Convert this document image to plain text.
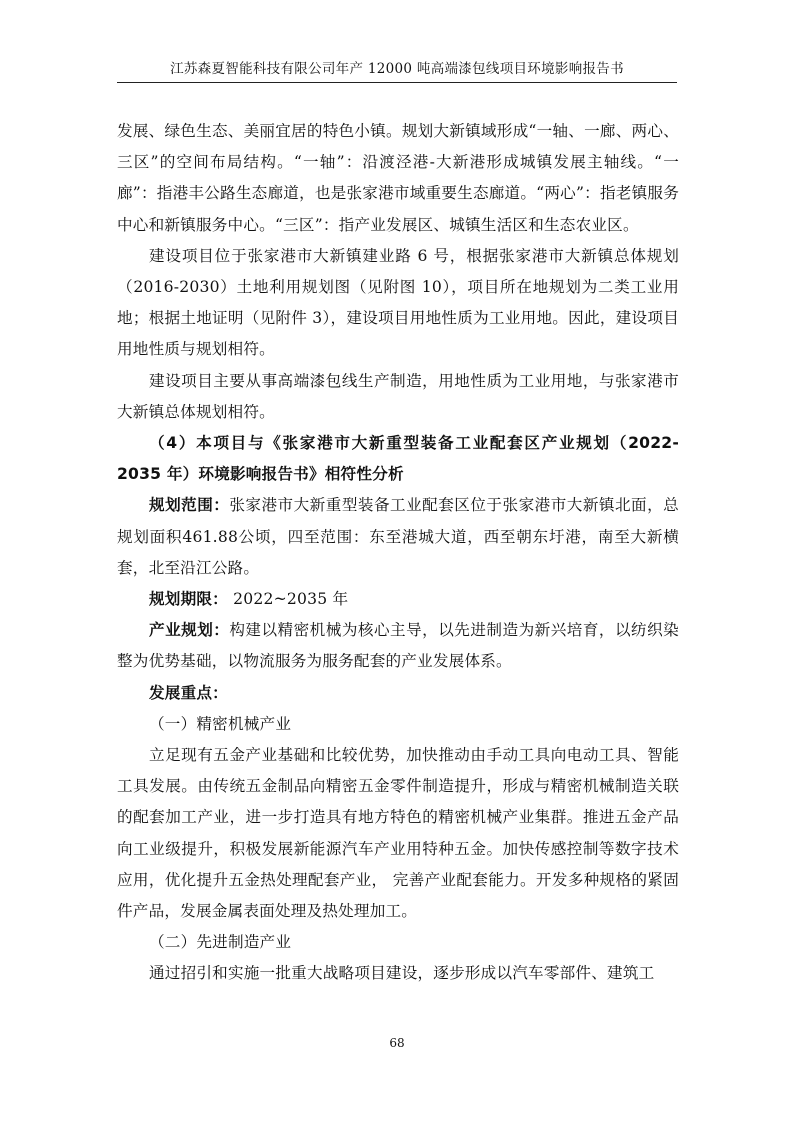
江苏森夏智能科技有限公司年产 12000 吨高端漆包线项目环境影响报告书

发展、绿色生态、美丽宜居的特色小镇。规划大新镇域形成“一轴、一廊、两心、三区”的空间布局结构。“一轴”：沿渡泾港-大新港形成城镇发展主轴线。“一廊”：指港丰公路生态廊道，也是张家港市域重要生态廊道。“两心”：指老镇服务中心和新镇服务中心。“三区”：指产业发展区、城镇生活区和生态农业区。

建设项目位于张家港市大新镇建业路 6 号，根据张家港市大新镇总体规划（2016-2030）土地利用规划图（见附图 10），项目所在地规划为二类工业用地；根据土地证明（见附件 3），建设项目用地性质为工业用地。因此，建设项目用地性质与规划相符。

建设项目主要从事高端漆包线生产制造，用地性质为工业用地，与张家港市大新镇总体规划相符。

（4）本项目与《张家港市大新重型装备工业配套区产业规划（2022-2035 年）环境影响报告书》相符性分析

规划范围：张家港市大新重型装备工业配套区位于张家港市大新镇北面，总规划面积461.88公顷，四至范围：东至港城大道，西至朝东圩港，南至大新横套，北至沿江公路。

规划期限： 2022~2035 年

产业规划：构建以精密机械为核心主导，以先进制造为新兴培育，以纺织染整为优势基础，以物流服务为服务配套的产业发展体系。

发展重点：

（一）精密机械产业

立足现有五金产业基础和比较优势，加快推动由手动工具向电动工具、智能工具发展。由传统五金制品向精密五金零件制造提升，形成与精密机械制造关联的配套加工产业，进一步打造具有地方特色的精密机械产业集群。推进五金产品向工业级提升，积极发展新能源汽车产业用特种五金。加快传感控制等数字技术应用，优化提升五金热处理配套产业， 完善产业配套能力。开发多种规格的紧固件产品，发展金属表面处理及热处理加工。

（二）先进制造产业

通过招引和实施一批重大战略项目建设，逐步形成以汽车零部件、建筑工

68
